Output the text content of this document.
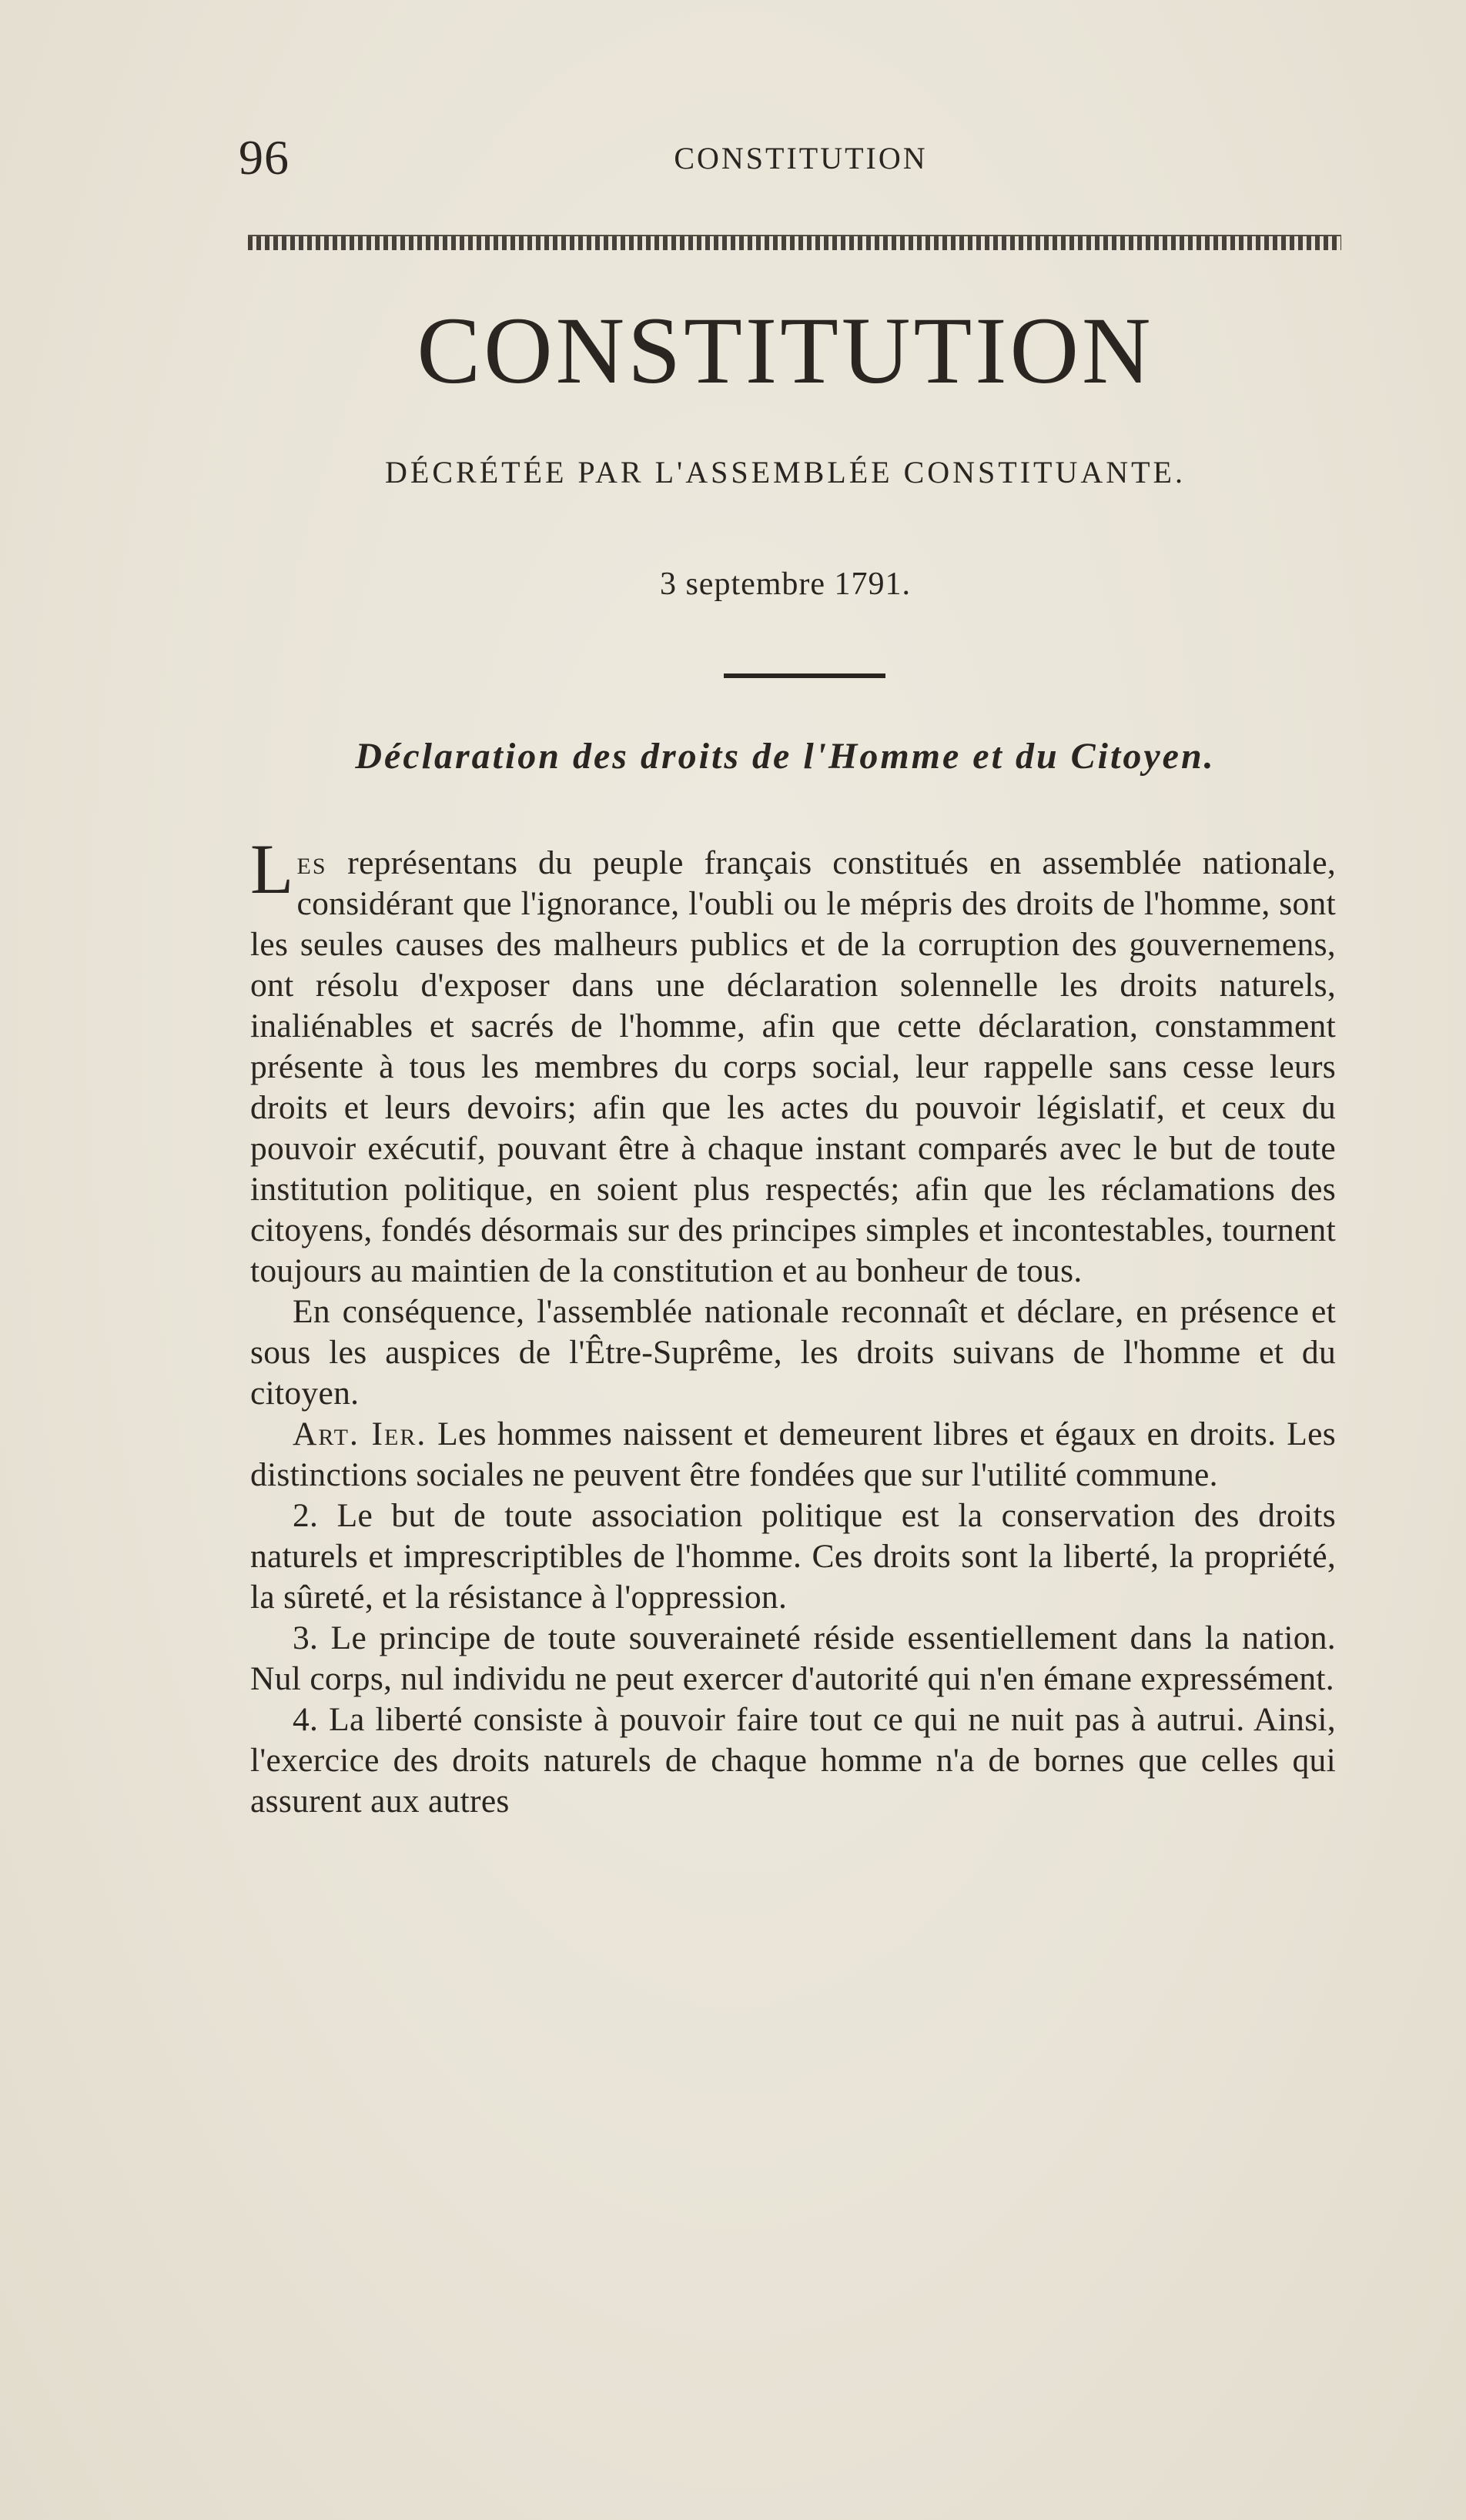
96	CONSTITUTION
CONSTITUTION
DÉCRÉTÉE PAR L'ASSEMBLÉE CONSTITUANTE.
3 septembre 1791.
Déclaration des droits de l'Homme et du Citoyen.

Les représentans du peuple français constitués en assemblée nationale, considérant que l'ignorance, l'oubli ou le mépris des droits de l'homme, sont les seules causes des malheurs publics et de la corruption des gouvernemens, ont résolu d'exposer dans une déclaration solennelle les droits naturels, inaliénables et sacrés de l'homme, afin que cette déclaration, constamment présente à tous les membres du corps social, leur rappelle sans cesse leurs droits et leurs devoirs; afin que les actes du pouvoir législatif, et ceux du pouvoir exécutif, pouvant être à chaque instant comparés avec le but de toute institution politique, en soient plus respectés; afin que les réclamations des citoyens, fondés désormais sur des principes simples et incontestables, tournent toujours au maintien de la constitution et au bonheur de tous.

En conséquence, l'assemblée nationale reconnaît et déclare, en présence et sous les auspices de l'Être-Suprême, les droits suivans de l'homme et du citoyen.

Art. Ier. Les hommes naissent et demeurent libres et égaux en droits. Les distinctions sociales ne peuvent être fondées que sur l'utilité commune.

2. Le but de toute association politique est la conservation des droits naturels et imprescriptibles de l'homme. Ces droits sont la liberté, la propriété, la sûreté, et la résistance à l'oppression.

3. Le principe de toute souveraineté réside essentiellement dans la nation. Nul corps, nul individu ne peut exercer d'autorité qui n'en émane expressément.

4. La liberté consiste à pouvoir faire tout ce qui ne nuit pas à autrui. Ainsi, l'exercice des droits naturels de chaque homme n'a de bornes que celles qui assurent aux autres
